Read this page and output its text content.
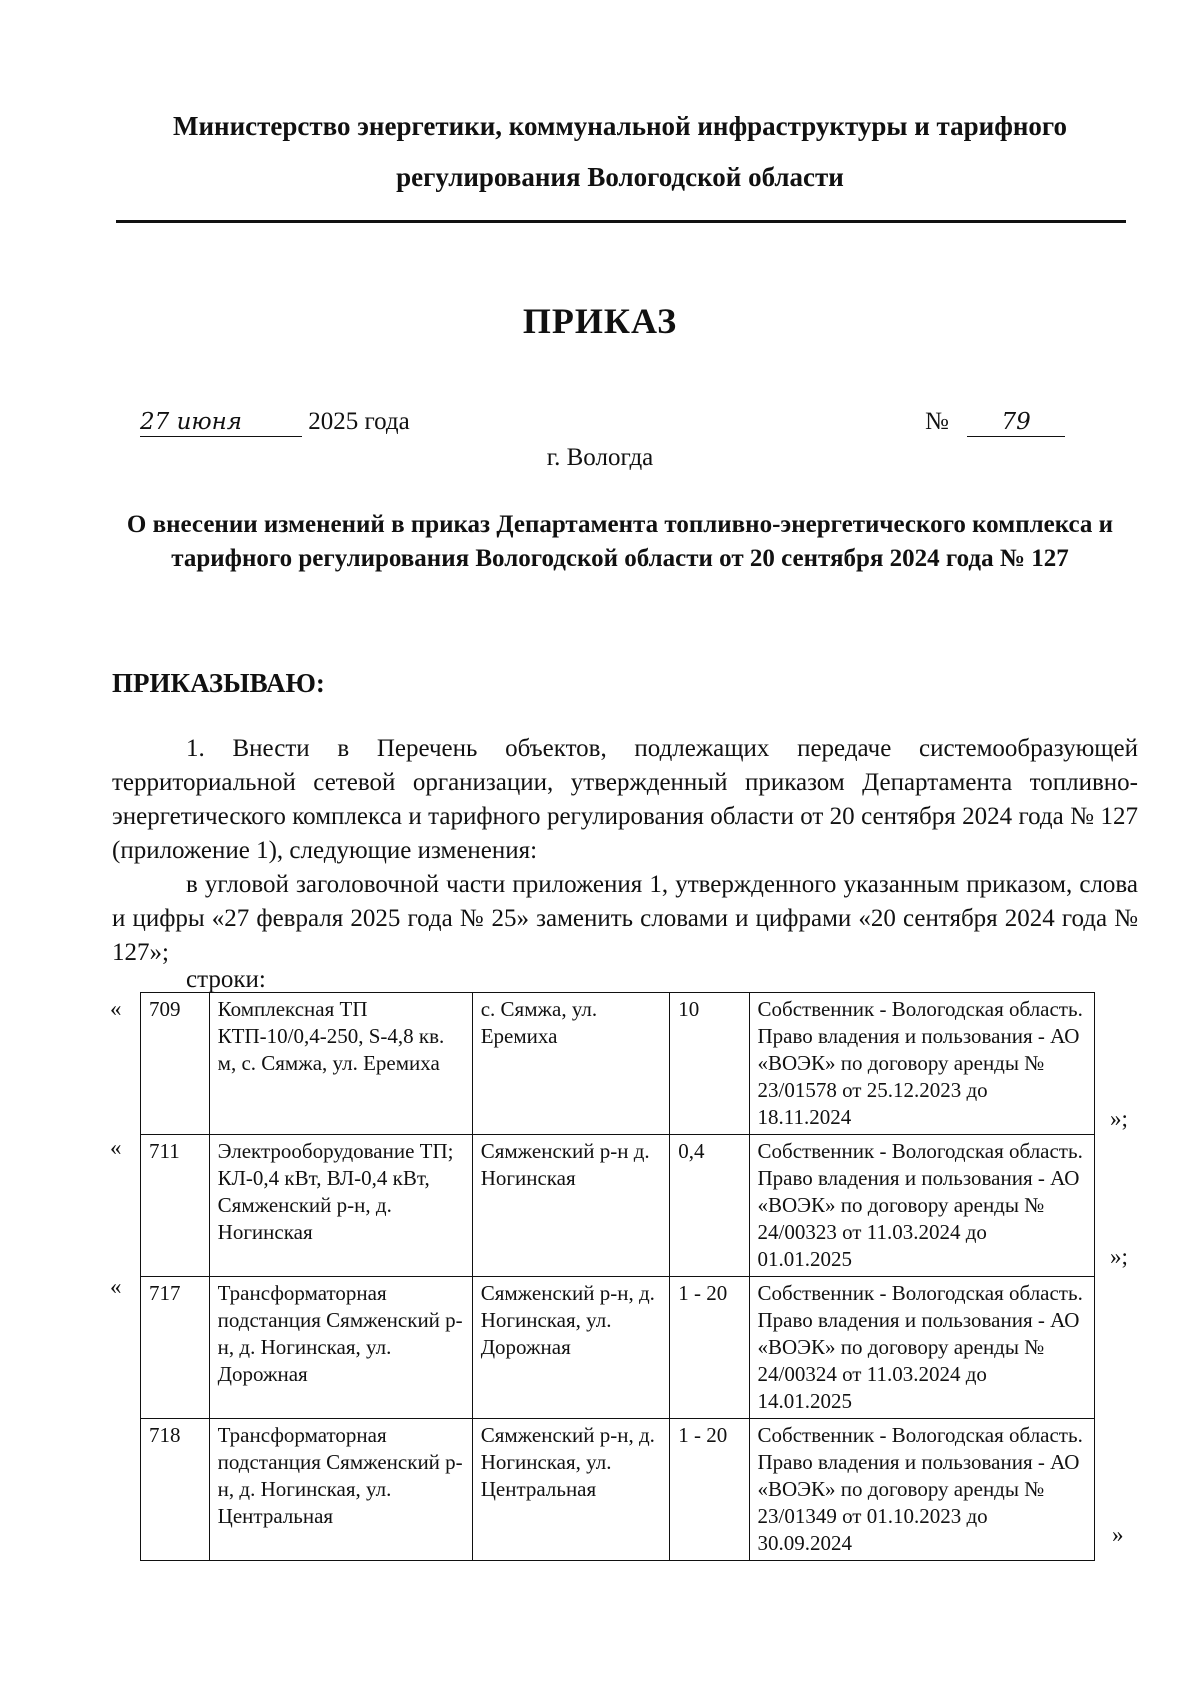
Министерство энергетики, коммунальной инфраструктуры и тарифного
регулирования Вологодской области
ПРИКАЗ
27 июня	2025 года	№ 79
г. Вологда
О внесении изменений в приказ Департамента топливно-энергетического комплекса и тарифного регулирования Вологодской области от 20 сентября 2024 года № 127
ПРИКАЗЫВАЮ:
1. Внести в Перечень объектов, подлежащих передаче системообразующей территориальной сетевой организации, утвержденный приказом Департамента топливно-энергетического комплекса и тарифного регулирования области от 20 сентября 2024 года № 127 (приложение 1), следующие изменения:
в угловой заголовочной части приложения 1, утвержденного указанным приказом, слова и цифры «27 февраля 2025 года № 25» заменить словами и цифрами «20 сентября 2024 года № 127»;
строки:
709	Комплексная ТП КТП-10/0,4-250, S-4,8 кв. м, с. Сямжа, ул. Еремиха	с. Сямжа, ул. Еремиха	10	Собственник - Вологодская область. Право владения и пользования - АО «ВОЭК» по договору аренды № 23/01578 от 25.12.2023 до 18.11.2024
711	Электрооборудование ТП; КЛ-0,4 кВт, ВЛ-0,4 кВт, Сямженский р-н, д. Ногинская	Сямженский р-н д. Ногинская	0,4	Собственник - Вологодская область. Право владения и пользования - АО «ВОЭК» по договору аренды № 24/00323 от 11.03.2024 до 01.01.2025
717	Трансформаторная подстанция Сямженский р-н, д. Ногинская, ул. Дорожная	Сямженский р-н, д. Ногинская, ул. Дорожная	1 - 20	Собственник - Вологодская область. Право владения и пользования - АО «ВОЭК» по договору аренды № 24/00324 от 11.03.2024 до 14.01.2025
718	Трансформаторная подстанция Сямженский р-н, д. Ногинская, ул. Центральная	Сямженский р-н, д. Ногинская, ул. Центральная	1 - 20	Собственник - Вологодская область. Право владения и пользования - АО «ВОЭК» по договору аренды № 23/01349 от 01.10.2023 до 30.09.2024
«
»;
«
»;
«
»
